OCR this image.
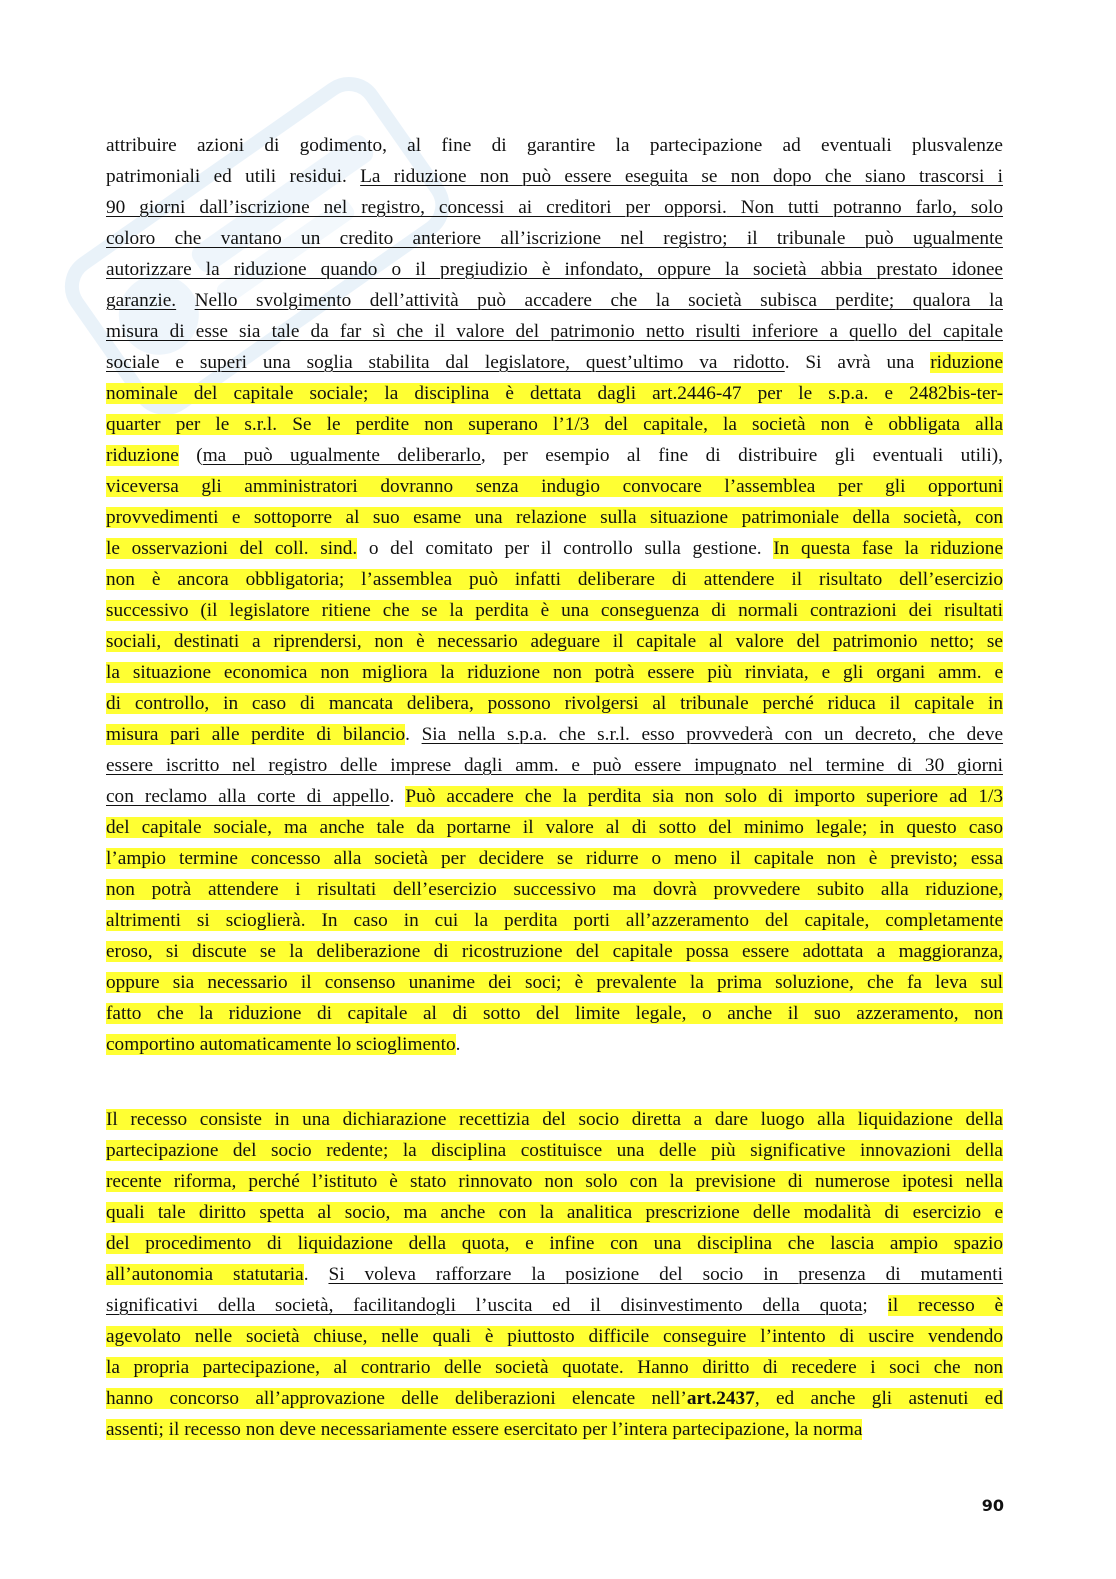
attribuire azioni di godimento, al fine di garantire la partecipazione ad eventuali plusvalenze
patrimoniali ed utili residui. La riduzione non può essere eseguita se non dopo che siano trascorsi i
90 giorni dall’iscrizione nel registro, concessi ai creditori per opporsi. Non tutti potranno farlo, solo
coloro che vantano un credito anteriore all’iscrizione nel registro; il tribunale può ugualmente
autorizzare la riduzione quando o il pregiudizio è infondato, oppure la società abbia prestato idonee
garanzie. Nello svolgimento dell’attività può accadere che la società subisca perdite; qualora la
misura di esse sia tale da far sì che il valore del patrimonio netto risulti inferiore a quello del capitale
sociale e superi una soglia stabilita dal legislatore, quest’ultimo va ridotto. Si avrà una riduzione
nominale del capitale sociale; la disciplina è dettata dagli art.2446-47 per le s.p.a. e 2482bis-ter-
quarter per le s.r.l. Se le perdite non superano l’1/3 del capitale, la società non è obbligata alla
riduzione (ma può ugualmente deliberarlo, per esempio al fine di distribuire gli eventuali utili),
viceversa gli amministratori dovranno senza indugio convocare l’assemblea per gli opportuni
provvedimenti e sottoporre al suo esame una relazione sulla situazione patrimoniale della società, con
le osservazioni del coll. sind. o del comitato per il controllo sulla gestione. In questa fase la riduzione
non è ancora obbligatoria; l’assemblea può infatti deliberare di attendere il risultato dell’esercizio
successivo (il legislatore ritiene che se la perdita è una conseguenza di normali contrazioni dei risultati
sociali, destinati a riprendersi, non è necessario adeguare il capitale al valore del patrimonio netto; se
la situazione economica non migliora la riduzione non potrà essere più rinviata, e gli organi amm. e
di controllo, in caso di mancata delibera, possono rivolgersi al tribunale perché riduca il capitale in
misura pari alle perdite di bilancio. Sia nella s.p.a. che s.r.l. esso provvederà con un decreto, che deve
essere iscritto nel registro delle imprese dagli amm. e può essere impugnato nel termine di 30 giorni
con reclamo alla corte di appello. Può accadere che la perdita sia non solo di importo superiore ad 1/3
del capitale sociale, ma anche tale da portarne il valore al di sotto del minimo legale; in questo caso
l’ampio termine concesso alla società per decidere se ridurre o meno il capitale non è previsto; essa
non potrà attendere i risultati dell’esercizio successivo ma dovrà provvedere subito alla riduzione,
altrimenti si scioglierà. In caso in cui la perdita porti all’azzeramento del capitale, completamente
eroso, si discute se la deliberazione di ricostruzione del capitale possa essere adottata a maggioranza,
oppure sia necessario il consenso unanime dei soci; è prevalente la prima soluzione, che fa leva sul
fatto che la riduzione di capitale al di sotto del limite legale, o anche il suo azzeramento, non
comportino automaticamente lo scioglimento.
Il recesso consiste in una dichiarazione recettizia del socio diretta a dare luogo alla liquidazione della
partecipazione del socio redente; la disciplina costituisce una delle più significative innovazioni della
recente riforma, perché l’istituto è stato rinnovato non solo con la previsione di numerose ipotesi nella
quali tale diritto spetta al socio, ma anche con la analitica prescrizione delle modalità di esercizio e
del procedimento di liquidazione della quota, e infine con una disciplina che lascia ampio spazio
all’autonomia statutaria. Si voleva rafforzare la posizione del socio in presenza di mutamenti
significativi della società, facilitandogli l’uscita ed il disinvestimento della quota; il recesso è
agevolato nelle società chiuse, nelle quali è piuttosto difficile conseguire l’intento di uscire vendendo
la propria partecipazione, al contrario delle società quotate. Hanno diritto di recedere i soci che non
hanno concorso all’approvazione delle deliberazioni elencate nell’art.2437, ed anche gli astenuti ed
assenti; il recesso non deve necessariamente essere esercitato per l’intera partecipazione, la norma
90
